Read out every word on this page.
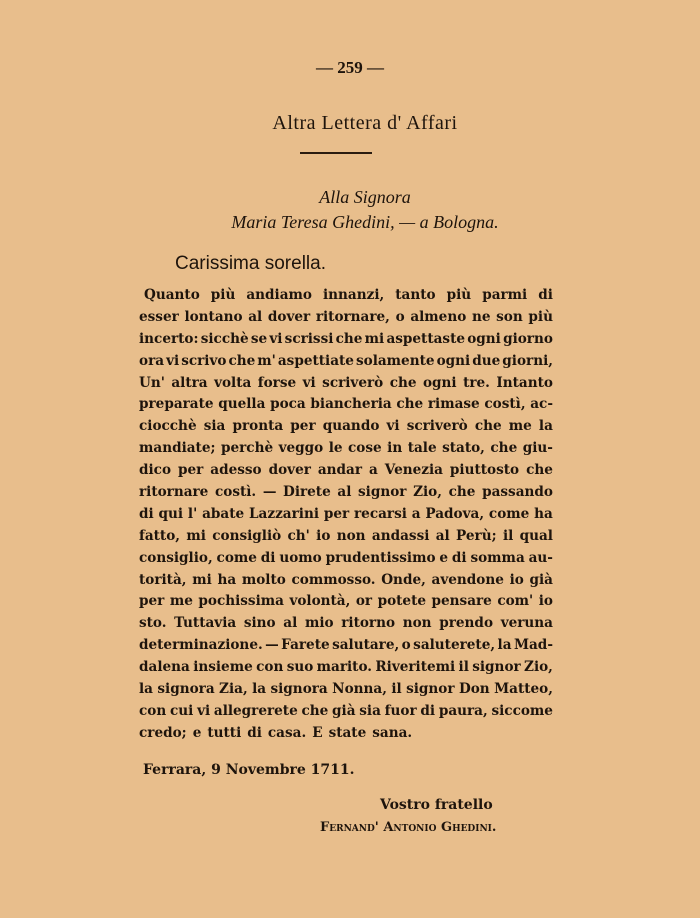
— 259 —
Altra Lettera d' Affari
Alla Signora
Maria Teresa Ghedini, — a Bologna.
Carissima sorella.
Quanto più andiamo innanzi, tanto più parmi di
esser lontano al dover ritornare, o almeno ne son più
incerto: sicchè se vi scrissi che mi aspettaste ogni giorno
ora vi scrivo che m' aspettiate solamente ogni due giorni,
Un' altra volta forse vi scriverò che ogni tre. Intanto
preparate quella poca biancheria che rimase costì, ac-
ciocchè sia pronta per quando vi scriverò che me la
mandiate; perchè veggo le cose in tale stato, che giu-
dico per adesso dover andar a Venezia piuttosto che
ritornare costì. — Direte al signor Zio, che passando
di qui l' abate Lazzarini per recarsi a Padova, come ha
fatto, mi consigliò ch' io non andassi al Perù; il qual
consiglio, come di uomo prudentissimo e di somma au-
torità, mi ha molto commosso. Onde, avendone io già
per me pochissima volontà, or potete pensare com' io
sto. Tuttavia sino al mio ritorno non prendo veruna
determinazione. — Farete salutare, o saluterete, la Mad-
dalena insieme con suo marito. Riveritemi il signor Zio,
la signora Zia, la signora Nonna, il signor Don Matteo,
con cui vi allegrerete che già sia fuor di paura, siccome
credo; e tutti di casa. E state sana.
Ferrara, 9 Novembre 1711.
Vostro fratello
Fernand' Antonio Ghedini.
